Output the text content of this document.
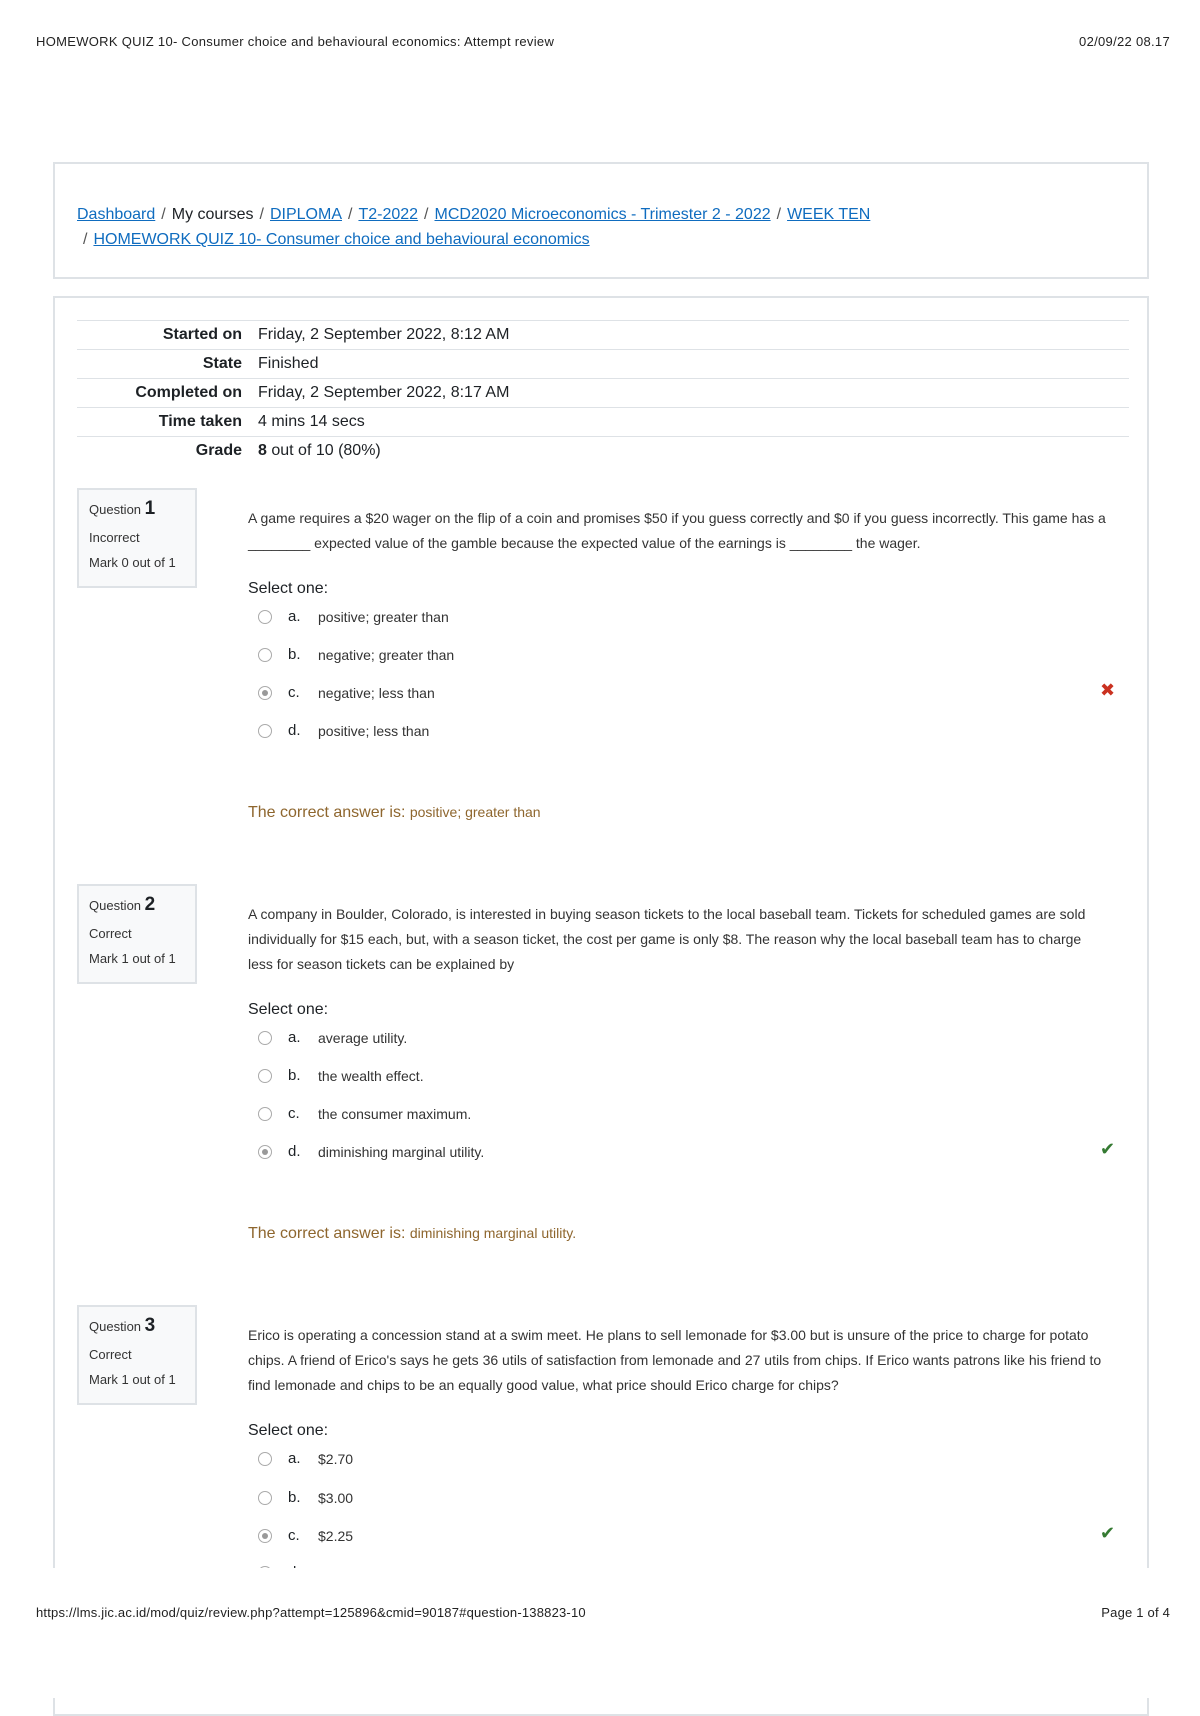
HOMEWORK QUIZ 10- Consumer choice and behavioural economics: Attempt review	02/09/22 08.17
Dashboard / My courses / DIPLOMA / T2-2022 / MCD2020 Microeconomics - Trimester 2 - 2022 / WEEK TEN
/ HOMEWORK QUIZ 10- Consumer choice and behavioural economics
Started on	Friday, 2 September 2022, 8:12 AM
State	Finished
Completed on	Friday, 2 September 2022, 8:17 AM
Time taken	4 mins 14 secs
Grade	8 out of 10 (80%)
Question 1
Incorrect
Mark 0 out of 1
A game requires a $20 wager on the flip of a coin and promises $50 if you guess correctly and $0 if you guess incorrectly. This game has a ________ expected value of the gamble because the expected value of the earnings is ________ the wager.
Select one:
a.	positive; greater than
b.	negative; greater than
c.	negative; less than	✖
d.	positive; less than
The correct answer is: positive; greater than
Question 2
Correct
Mark 1 out of 1
A company in Boulder, Colorado, is interested in buying season tickets to the local baseball team. Tickets for scheduled games are sold individually for $15 each, but, with a season ticket, the cost per game is only $8. The reason why the local baseball team has to charge less for season tickets can be explained by
Select one:
a.	average utility.
b.	the wealth effect.
c.	the consumer maximum.
d.	diminishing marginal utility.	✔
The correct answer is: diminishing marginal utility.
Question 3
Correct
Mark 1 out of 1
Erico is operating a concession stand at a swim meet. He plans to sell lemonade for $3.00 but is unsure of the price to charge for potato chips. A friend of Erico's says he gets 36 utils of satisfaction from lemonade and 27 utils from chips. If Erico wants patrons like his friend to find lemonade and chips to be an equally good value, what price should Erico charge for chips?
Select one:
a.	$2.70
b.	$3.00
c.	$2.25	✔
https://lms.jic.ac.id/mod/quiz/review.php?attempt=125896&cmid=90187#question-138823-10	Page 1 of 4
